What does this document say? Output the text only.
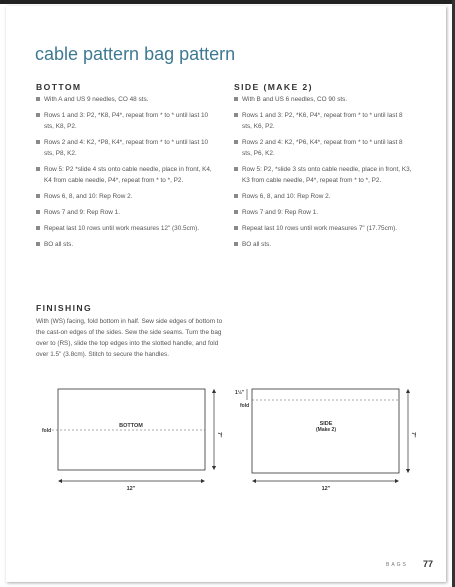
cable pattern bag pattern
BOTTOM
With A and US 9 needles, CO 48 sts.
Rows 1 and 3: P2, *K8, P4*, repeat from * to * until last 10 sts, K8, P2.
Rows 2 and 4: K2, *P8, K4*, repeat from * to * until last 10 sts, P8, K2.
Row 5: P2 *slide 4 sts onto cable needle, place in front, K4, K4 from cable needle, P4*, repeat from * to *, P2.
Rows 6, 8, and 10: Rep Row 2.
Rows 7 and 9: Rep Row 1.
Repeat last 10 rows until work measures 12" (30.5cm).
BO all sts.
SIDE (MAKE 2)
With B and US 6 needles, CO 90 sts.
Rows 1 and 3: P2, *K6, P4*, repeat from * to * until last 8 sts, K6, P2.
Rows 2 and 4: K2, *P6, K4*, repeat from * to * until last 8 sts, P6, K2.
Row 5: P2, *slide 3 sts onto cable needle, place in front, K3, K3 from cable needle, P4*, repeat from * to *, P2.
Rows 6, 8, and 10: Rep Row 2.
Rows 7 and 9: Rep Row 1.
Repeat last 10 rows until work measures 7" (17.75cm).
BO all sts.
FINISHING
With (WS) facing, fold bottom in half. Sew side edges of bottom to the cast-on edges of the sides. Sew the side seams. Turn the bag over to (RS), slide the top edges into the slotted handle, and fold over 1.5" (3.8cm). Stitch to secure the handles.
BOTTOM
fold
12"
7"
1½"
fold
SIDE
(Make 2)
12"
7"
BAGS 77
